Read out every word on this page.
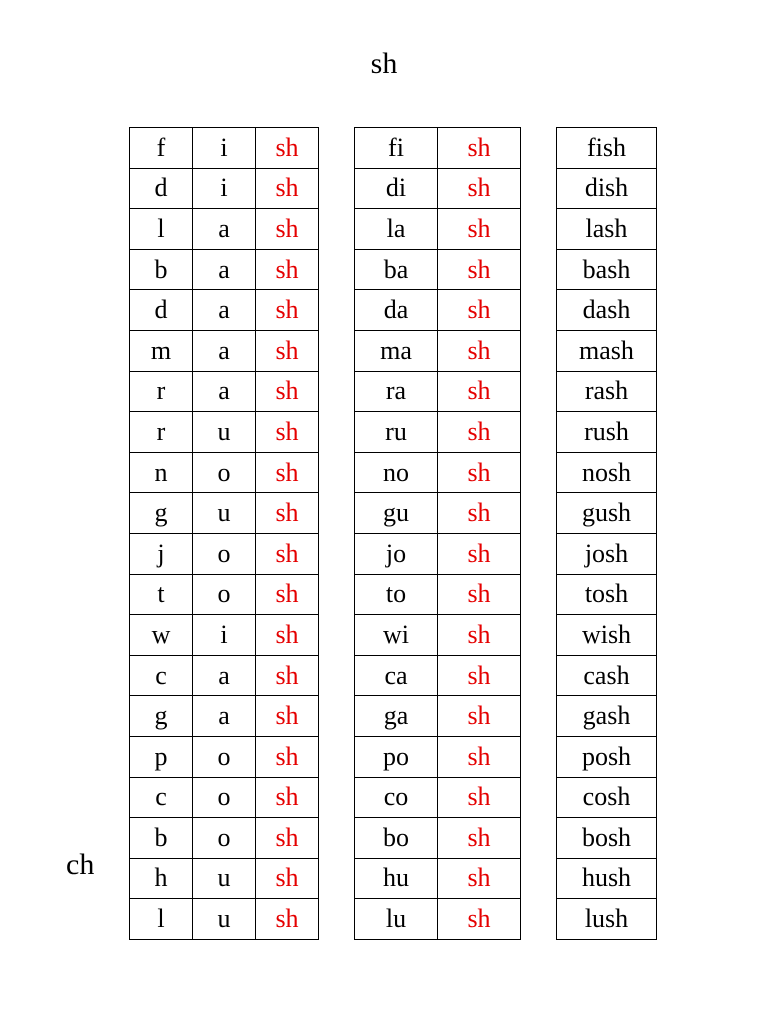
sh
f	i	sh
d	i	sh
l	a	sh
b	a	sh
d	a	sh
m	a	sh
r	a	sh
r	u	sh
n	o	sh
g	u	sh
j	o	sh
t	o	sh
w	i	sh
c	a	sh
g	a	sh
p	o	sh
c	o	sh
b	o	sh
h	u	sh
l	u	sh
fi	sh
di	sh
la	sh
ba	sh
da	sh
ma	sh
ra	sh
ru	sh
no	sh
gu	sh
jo	sh
to	sh
wi	sh
ca	sh
ga	sh
po	sh
co	sh
bo	sh
hu	sh
lu	sh
fish
dish
lash
bash
dash
mash
rash
rush
nosh
gush
josh
tosh
wish
cash
gash
posh
cosh
bosh
hush
lush
ch
